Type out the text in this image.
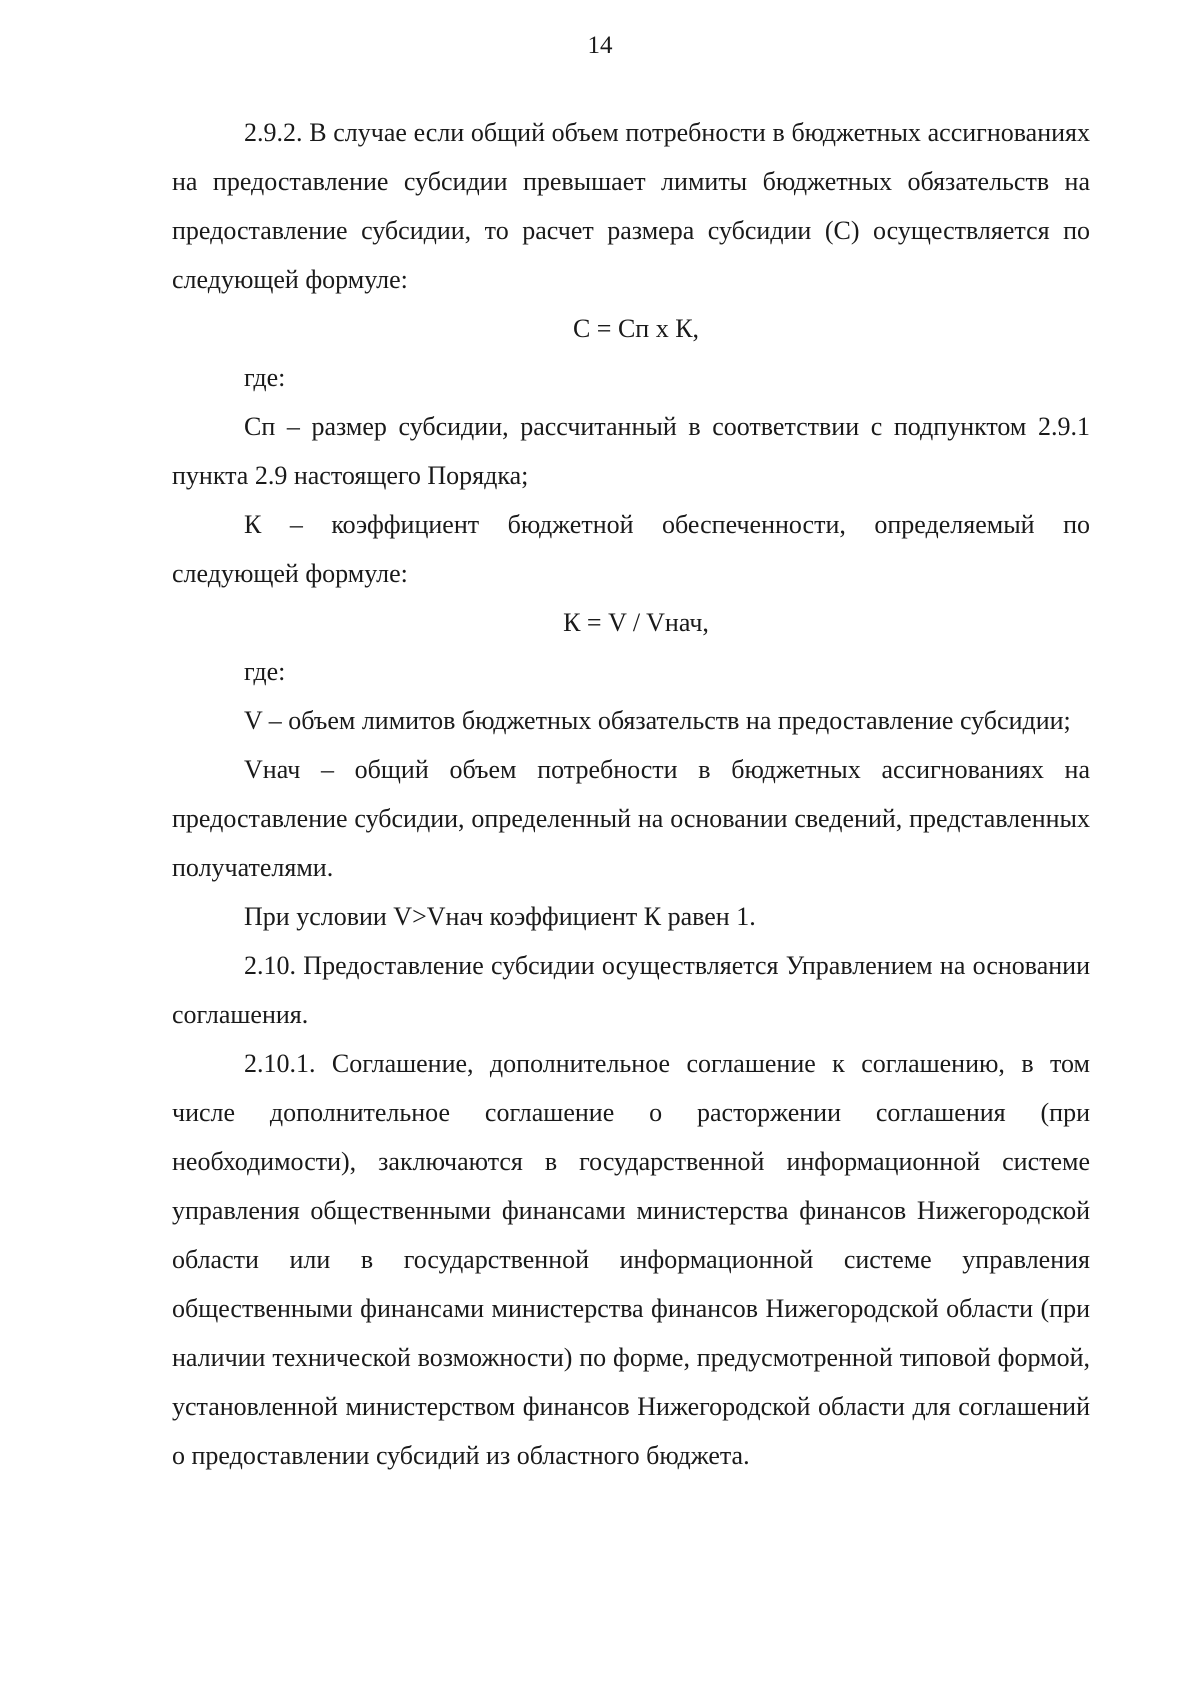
14

2.9.2. В случае если общий объем потребности в бюджетных ассигнованиях на предоставление субсидии превышает лимиты бюджетных обязательств на предоставление субсидии, то расчет размера субсидии (С) осуществляется по следующей формуле:

С = Сп х К,

где:

Сп – размер субсидии, рассчитанный в соответствии с подпунктом 2.9.1 пункта 2.9 настоящего Порядка;

К – коэффициент бюджетной обеспеченности, определяемый по следующей формуле:

К = V / Vнач,

где:

V – объем лимитов бюджетных обязательств на предоставление субсидии;

Vнач – общий объем потребности в бюджетных ассигнованиях на предоставление субсидии, определенный на основании сведений, представленных получателями.

При условии V>Vнач коэффициент К равен 1.

2.10. Предоставление субсидии осуществляется Управлением на основании соглашения.

2.10.1. Соглашение, дополнительное соглашение к соглашению, в том числе дополнительное соглашение о расторжении соглашения (при необходимости), заключаются в государственной информационной системе управления общественными финансами министерства финансов Нижегородской области или в государственной информационной системе управления общественными финансами министерства финансов Нижегородской области (при наличии технической возможности) по форме, предусмотренной типовой формой, установленной министерством финансов Нижегородской области для соглашений о предоставлении субсидий из областного бюджета.
